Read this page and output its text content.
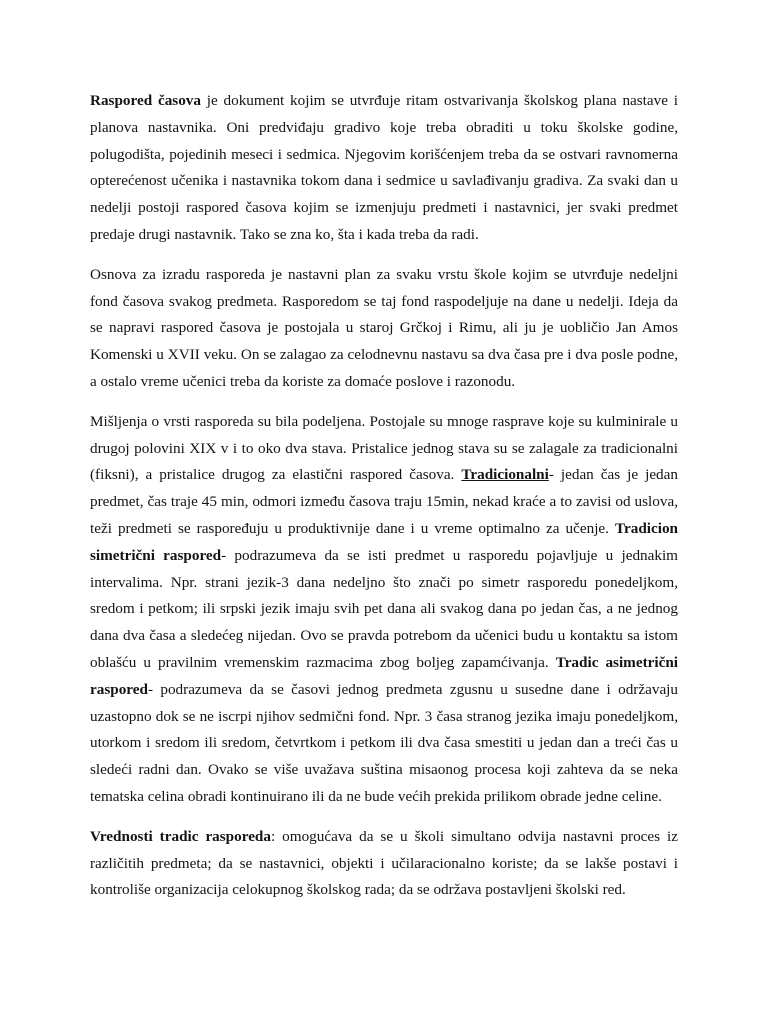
Raspored časova je dokument kojim se utvrđuje ritam ostvarivanja školskog plana nastave i planova nastavnika. Oni predviđaju gradivo koje treba obraditi u toku školske godine, polugodišta, pojedinih meseci i sedmica. Njegovim korišćenjem treba da se ostvari ravnomerna opterećenost učenika i nastavnika tokom dana i sedmice u savlađivanju gradiva. Za svaki dan u nedelji postoji raspored časova kojim se izmenjuju predmeti i nastavnici, jer svaki predmet predaje drugi nastavnik. Tako se zna ko, šta i kada treba da radi.

Osnova za izradu rasporeda je nastavni plan za svaku vrstu škole kojim se utvrđuje nedeljni fond časova svakog predmeta. Rasporedom se taj fond raspodeljuje na dane u nedelji. Ideja da se napravi raspored časova je postojala u staroj Grčkoj i Rimu, ali ju je uobličio Jan Amos Komenski u XVII veku. On se zalagao za celodnevnu nastavu sa dva časa pre i dva posle podne, a ostalo vreme učenici treba da koriste za domaće poslove i razonodu.

Mišljenja o vrsti rasporeda su bila podeljena. Postojale su mnoge rasprave koje su kulminirale u drugoj polovini XIX v i to oko dva stava. Pristalice jednog stava su se zalagale za tradicionalni (fiksni), a pristalice drugog za elastični raspored časova. Tradicionalni- jedan čas je jedan predmet, čas traje 45 min, odmori između časova traju 15min, nekad kraće a to zavisi od uslova, teži predmeti se raspoređuju u produktivnije dane i u vreme optimalno za učenje. Tradicion simetrični raspored- podrazumeva da se isti predmet u rasporedu pojavljuje u jednakim intervalima. Npr. strani jezik-3 dana nedeljno što znači po simetr rasporedu ponedeljkom, sredom i petkom; ili srpski jezik imaju svih pet dana ali svakog dana po jedan čas, a ne jednog dana dva časa a sledećeg nijedan. Ovo se pravda potrebom da učenici budu u kontaktu sa istom oblašću u pravilnim vremenskim razmacima zbog boljeg zapamćivanja. Tradic asimetrični raspored- podrazumeva da se časovi jednog predmeta zgusnu u susedne dane i održavaju uzastopno dok se ne iscrpi njihov sedmični fond. Npr. 3 časa stranog jezika imaju ponedeljkom, utorkom i sredom ili sredom, četvrtkom i petkom ili dva časa smestiti u jedan dan a treći čas u sledeći radni dan. Ovako se više uvažava suština misaonog procesa koji zahteva da se neka tematska celina obradi kontinuirano ili da ne bude većih prekida prilikom obrade jedne celine.

Vrednosti tradic rasporeda: omogućava da se u školi simultano odvija nastavni proces iz različitih predmeta; da se nastavnici, objekti i učilaracionalno koriste; da se lakše postavi i kontroliše organizacija celokupnog školskog rada; da se održava postavljeni školski red.
